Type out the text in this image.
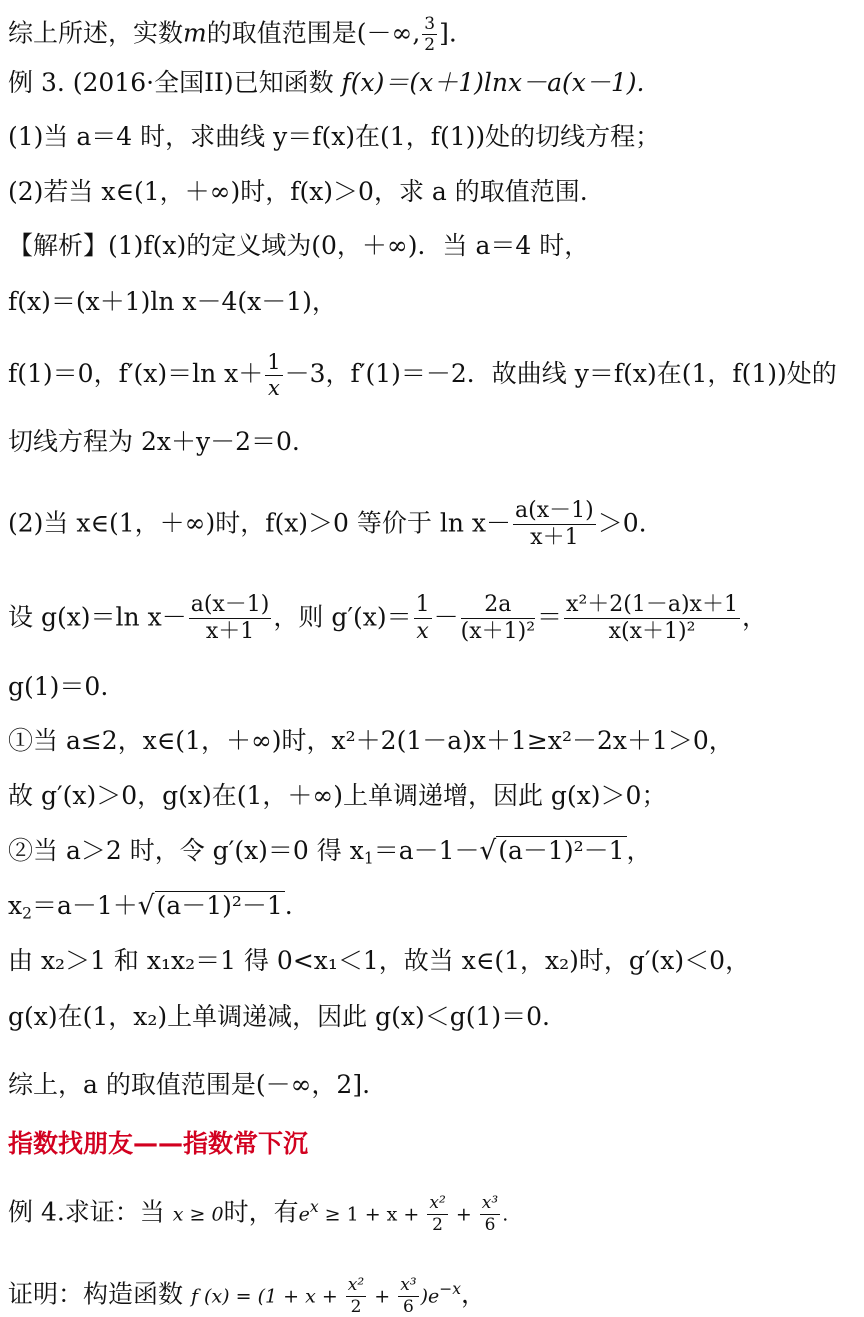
综上所述，实数m的取值范围是(－∞, $\frac{3}{2}$ ].
例 3. (2016·全国II)已知函数 f(x)＝(x＋1)lnx－a(x－1).
(1)当 a＝4 时，求曲线 y＝f(x)在(1，f(1))处的切线方程；
(2)若当 x∈(1，＋∞)时，f(x)＞0，求 a 的取值范围.
【解析】(1)f(x)的定义域为(0，＋∞)．当 a＝4 时，
f(x)＝(x＋1)ln x－4(x－1)，
f(1)＝0，f′(x)＝ln $x+ \frac{1}{x} -3$，f′(1)＝－2．故曲线 y＝f(x)在(1，f(1))处的
切线方程为 2x＋y－2＝0.
(2)当 x∈(1，＋∞)时，f(x)＞0 等价于 $\ln x- \frac{a(x-1)}{x+1} >0$.
设 g(x)＝ln $x- \frac{a(x-1)}{x+1}$ ，则 $g'(x)= \frac{1}{x} - \frac{2a}{\text{(x＋1)²}} = \frac{\text{x²＋2(1－a)x＋1}}{\text{x(x＋1)²}}$ ，
g(1)＝0.
①当 a≤2，x∈(1，＋∞)时，x²＋2(1－a)x＋1≥x²－2x＋1＞0，
故 g′(x)＞0，g(x)在(1，＋∞)上单调递增，因此 g(x)＞0；
②当 a＞2 时，令 g′(x)＝0 得 x1＝a－1－√(a－1)²－1，
x2＝a－1＋√(a－1)²－1.
由 x₂＞1 和 x₁x₂＝1 得 0<x₁＜1，故当 x∈(1，x₂)时，g′(x)＜0，
g(x)在(1，x₂)上单调递减，因此 g(x)＜g(1)＝0.
综上，a 的取值范围是(－∞，2].
指数找朋友——指数常下沉
例 4.求证：当 x ≥ 0时，有$e^x \ge 1 + x + \frac{\text{x²}}{2} + \frac{\text{x³}}{6}$ .
证明：构造函数 f $(x) = (1 + x + \frac{\text{x²}}{2} + \frac{\text{x³}}{6} )e^{-x}$，
